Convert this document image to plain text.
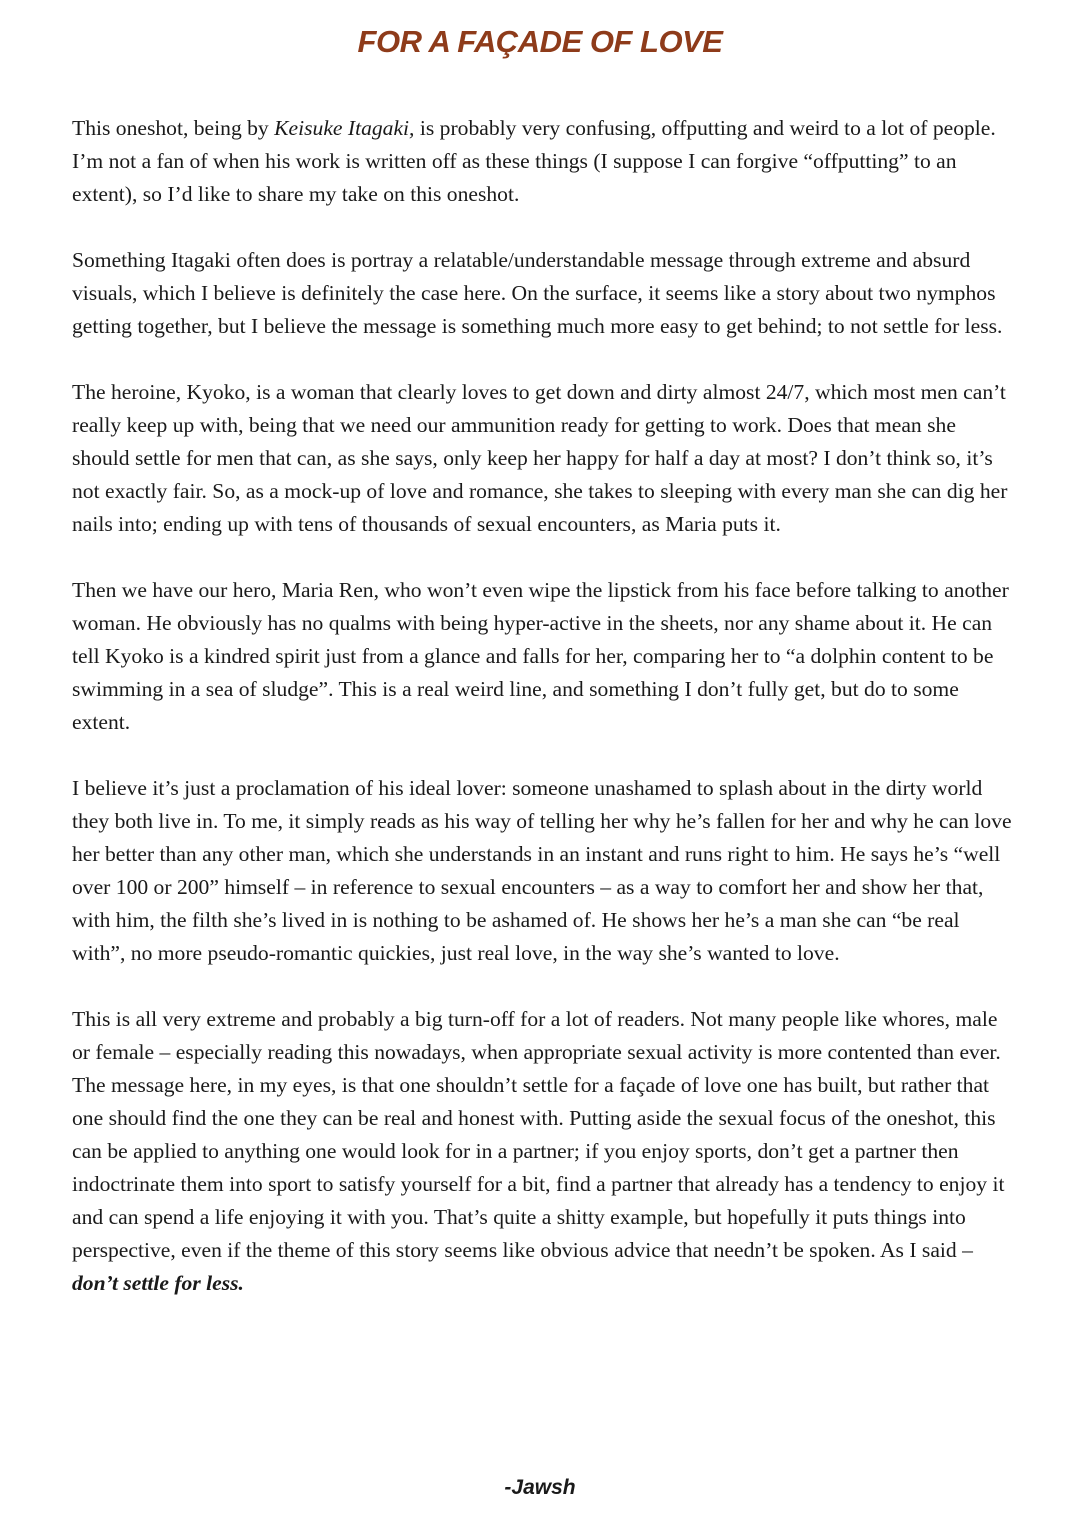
FOR A FAÇADE OF LOVE

This oneshot, being by Keisuke Itagaki, is probably very confusing, offputting and weird to a lot of people. I’m not a fan of when his work is written off as these things (I suppose I can forgive “offputting” to an extent), so I’d like to share my take on this oneshot.

Something Itagaki often does is portray a relatable/understandable message through extreme and absurd visuals, which I believe is definitely the case here. On the surface, it seems like a story about two nymphos getting together, but I believe the message is something much more easy to get behind; to not settle for less.

The heroine, Kyoko, is a woman that clearly loves to get down and dirty almost 24/7, which most men can’t really keep up with, being that we need our ammunition ready for getting to work. Does that mean she should settle for men that can, as she says, only keep her happy for half a day at most? I don’t think so, it’s not exactly fair. So, as a mock-up of love and romance, she takes to sleeping with every man she can dig her nails into; ending up with tens of thousands of sexual encounters, as Maria puts it.

Then we have our hero, Maria Ren, who won’t even wipe the lipstick from his face before talking to another woman. He obviously has no qualms with being hyper-active in the sheets, nor any shame about it. He can tell Kyoko is a kindred spirit just from a glance and falls for her, comparing her to “a dolphin content to be swimming in a sea of sludge”. This is a real weird line, and something I don’t fully get, but do to some extent.

I believe it’s just a proclamation of his ideal lover: someone unashamed to splash about in the dirty world they both live in. To me, it simply reads as his way of telling her why he’s fallen for her and why he can love her better than any other man, which she understands in an instant and runs right to him. He says he’s “well over 100 or 200” himself – in reference to sexual encounters – as a way to comfort her and show her that, with him, the filth she’s lived in is nothing to be ashamed of. He shows her he’s a man she can “be real with”, no more pseudo-romantic quickies, just real love, in the way she’s wanted to love.

This is all very extreme and probably a big turn-off for a lot of readers. Not many people like whores, male or female – especially reading this nowadays, when appropriate sexual activity is more contented than ever. The message here, in my eyes, is that one shouldn’t settle for a façade of love one has built, but rather that one should find the one they can be real and honest with. Putting aside the sexual focus of the oneshot, this can be applied to anything one would look for in a partner; if you enjoy sports, don’t get a partner then indoctrinate them into sport to satisfy yourself for a bit, find a partner that already has a tendency to enjoy it and can spend a life enjoying it with you. That’s quite a shitty example, but hopefully it puts things into perspective, even if the theme of this story seems like obvious advice that needn’t be spoken. As I said – don’t settle for less.

-Jawsh
